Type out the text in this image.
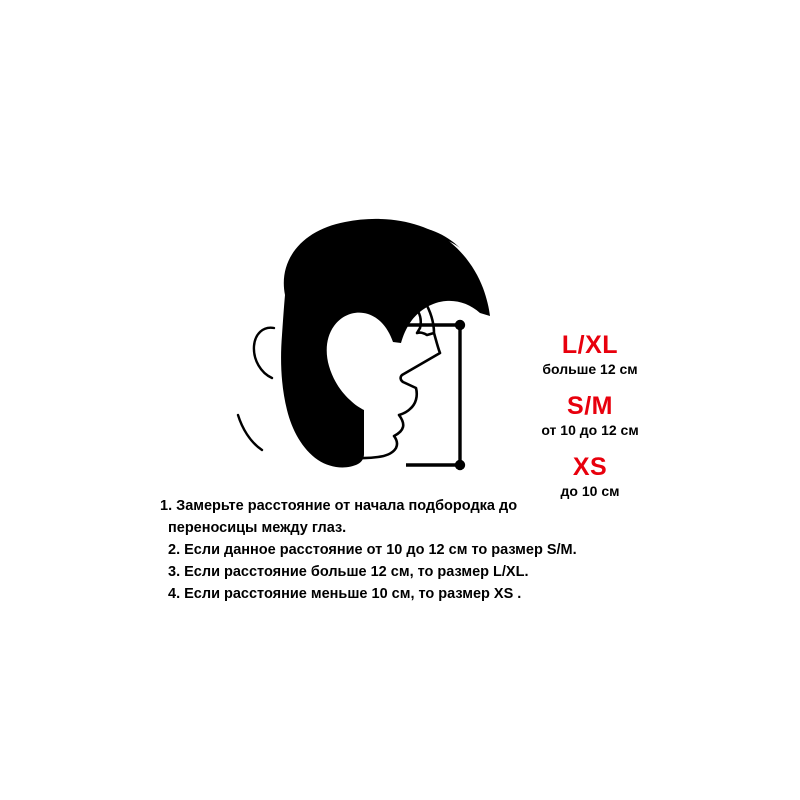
L/XL
больше 12 см
S/M
от 10 до 12 см
XS
до 10 см
1. Замерьте расстояние от начала подбородка до
переносицы между глаз.
2. Если данное расстояние от 10 до 12 см то размер S/M.
3. Если расстояние больше 12 см, то размер L/XL.
4. Если расстояние меньше 10 см, то размер XS .
